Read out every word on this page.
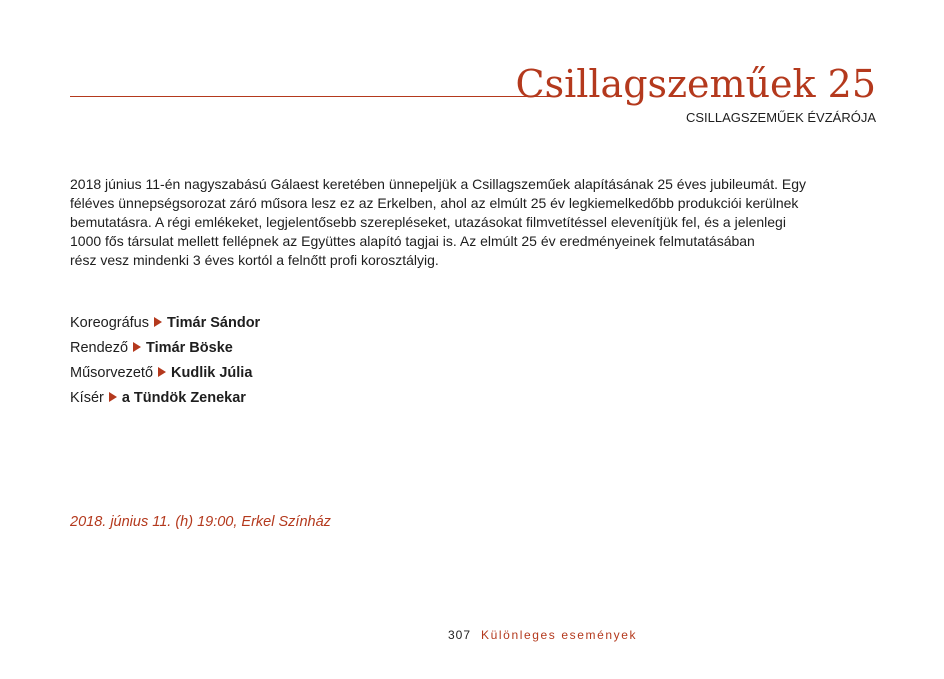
Csillagszeműek 25
CSILLAGSZEMŰEK ÉVZÁRÓJA

2018 június 11-én nagyszabású Gálaest keretében ünnepeljük a Csillagszeműek alapításának 25 éves jubileumát. Egy
féléves ünnepségsorozat záró műsora lesz ez az Erkelben, ahol az elmúlt 25 év legkiemelkedőbb produkciói kerülnek
bemutatásra. A régi emlékeket, legjelentősebb szerepléseket, utazásokat filmvetítéssel elevenítjük fel, és a jelenlegi
1000 fős társulat mellett fellépnek az Együttes alapító tagjai is. Az elmúlt 25 év eredményeinek felmutatásában
rész vesz mindenki 3 éves kortól a felnőtt profi korosztályig.

Koreográfus Timár Sándor
Rendező Timár Böske
Műsorvezető Kudlik Júlia
Kísér a Tündök Zenekar
2018. június 11. (h) 19:00, Erkel Színház
307 Különleges események
